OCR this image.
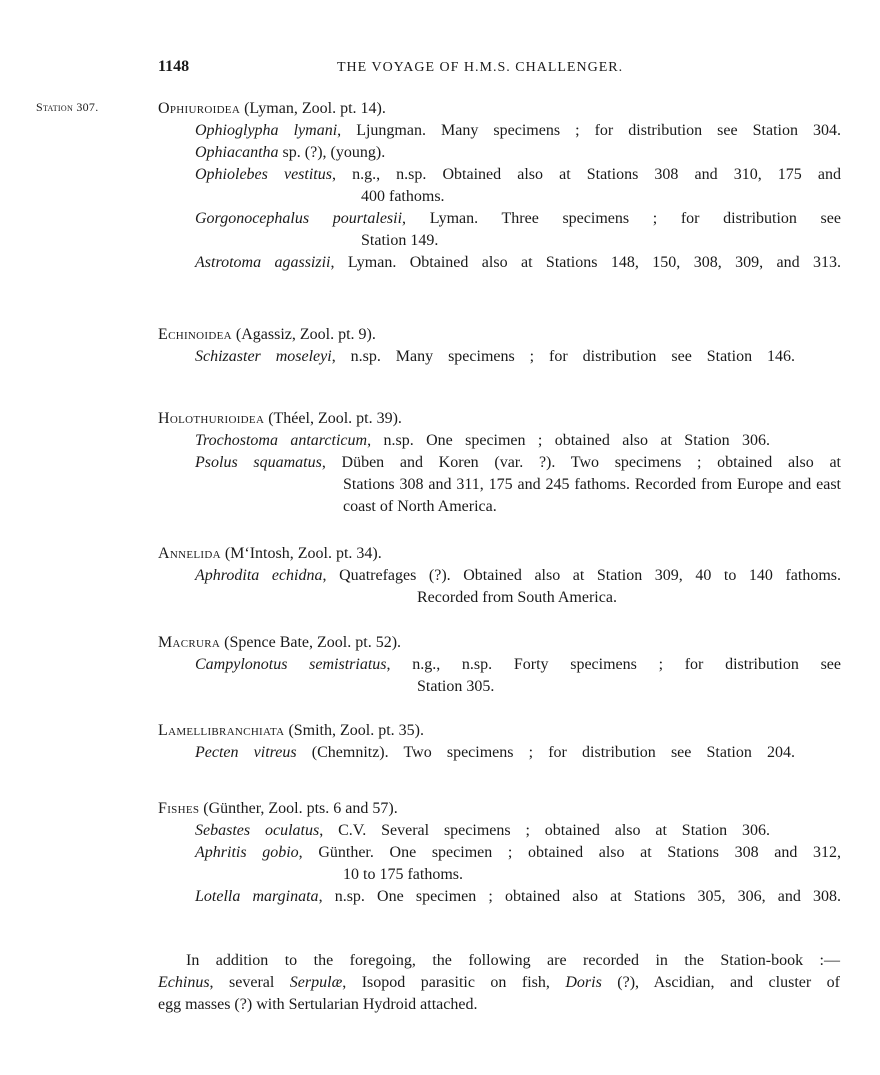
1148	THE VOYAGE OF H.M.S. CHALLENGER.
Station 307.	Ophiuroidea (Lyman, Zool. pt. 14).

Ophioglypha lymani, Ljungman. Many specimens ; for distribution see Station 304.
Ophiacantha sp. (?), (young).
Ophiolebes vestitus, n.g., n.sp. Obtained also at Stations 308 and 310, 175 and
400 fathoms.
Gorgonocephalus pourtalesii, Lyman. Three specimens ; for distribution see
Station 149.
Astrotoma agassizii, Lyman. Obtained also at Stations 148, 150, 308, 309, and 313.

Echinoidea (Agassiz, Zool. pt. 9).

Schizaster moseleyi, n.sp. Many specimens ; for distribution see Station 146.

Holothurioidea (Théel, Zool. pt. 39).

Trochostoma antarcticum, n.sp. One specimen ; obtained also at Station 306.
Psolus squamatus, Düben and Koren (var. ?). Two specimens ; obtained also at
Stations 308 and 311, 175 and 245 fathoms. Recorded from Europe and east coast of North America.

Annelida (M‘Intosh, Zool. pt. 34).

Aphrodita echidna, Quatrefages (?). Obtained also at Station 309, 40 to 140 fathoms.
Recorded from South America.

Macrura (Spence Bate, Zool. pt. 52).

Campylonotus semistriatus, n.g., n.sp. Forty specimens ; for distribution see
Station 305.

Lamellibranchiata (Smith, Zool. pt. 35).

Pecten vitreus (Chemnitz). Two specimens ; for distribution see Station 204.

Fishes (Günther, Zool. pts. 6 and 57).

Sebastes oculatus, C.V. Several specimens ; obtained also at Station 306.
Aphritis gobio, Günther. One specimen ; obtained also at Stations 308 and 312,
10 to 175 fathoms.
Lotella marginata, n.sp. One specimen ; obtained also at Stations 305, 306, and 308.
In addition to the foregoing, the following are recorded in the Station-book :—
Echinus, several Serpulæ, Isopod parasitic on fish, Doris (?), Ascidian, and cluster of
egg masses (?) with Sertularian Hydroid attached.
